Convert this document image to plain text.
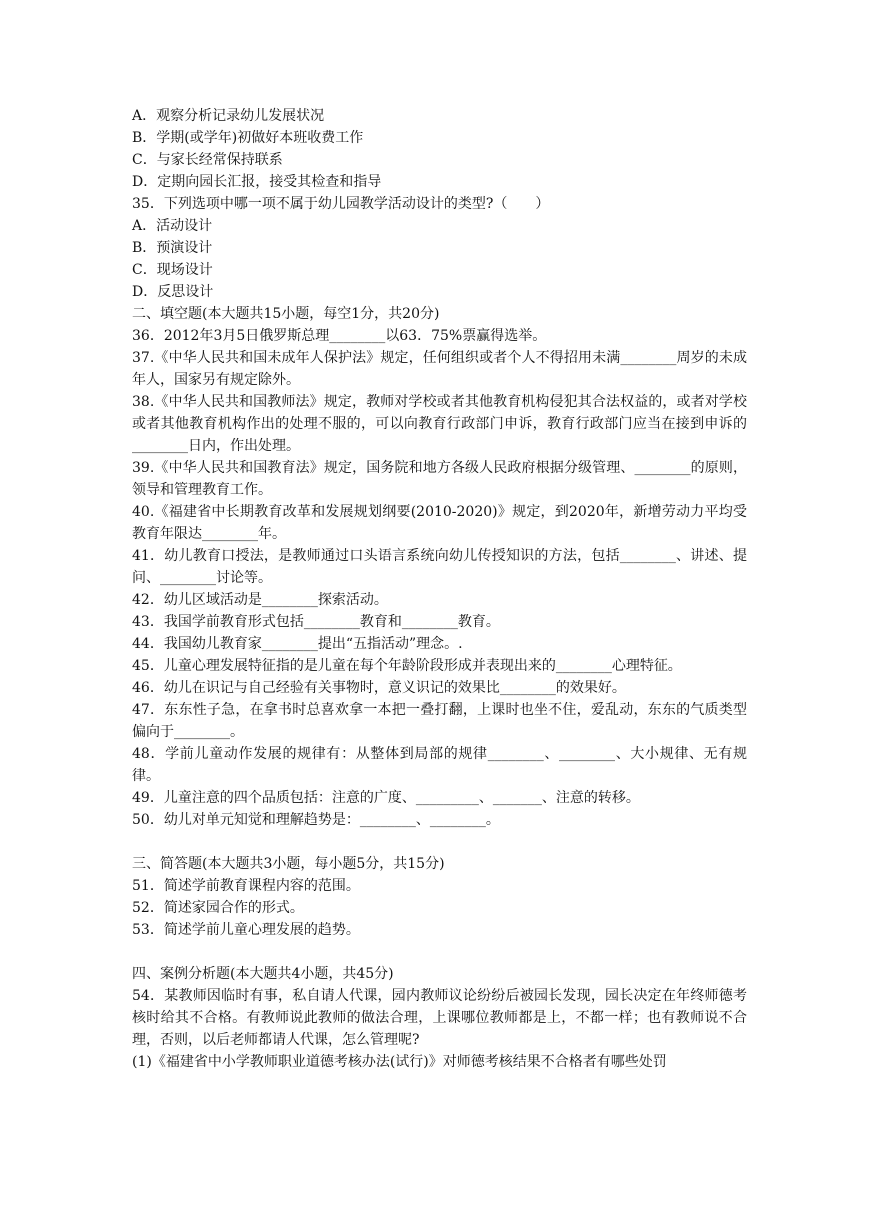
A．观察分析记录幼儿发展状况

B．学期(或学年)初做好本班收费工作

C．与家长经常保持联系

D．定期向园长汇报，接受其检查和指导

35．下列选项中哪一项不属于幼儿园教学活动设计的类型?（　　）

A．活动设计

B．预演设计

C．现场设计

D．反思设计

二、填空题(本大题共15小题，每空1分，共20分)

36．2012年3月5日俄罗斯总理________以63．75%票赢得选举。

37.《中华人民共和国未成年人保护法》规定，任何组织或者个人不得招用未满________周岁的未成年人，国家另有规定除外。

38.《中华人民共和国教师法》规定，教师对学校或者其他教育机构侵犯其合法权益的，或者对学校或者其他教育机构作出的处理不服的，可以向教育行政部门申诉，教育行政部门应当在接到申诉的________日内，作出处理。

39.《中华人民共和国教育法》规定，国务院和地方各级人民政府根据分级管理、________的原则，领导和管理教育工作。

40.《福建省中长期教育改革和发展规划纲要(2010-2020)》规定，到2020年，新增劳动力平均受教育年限达________年。

41．幼儿教育口授法，是教师通过口头语言系统向幼儿传授知识的方法，包括________、讲述、提问、________讨论等。

42．幼儿区域活动是________探索活动。

43．我国学前教育形式包括________教育和________教育。

44．我国幼儿教育家________提出“五指活动”理念。.

45．儿童心理发展特征指的是儿童在每个年龄阶段形成并表现出来的________心理特征。

46．幼儿在识记与自己经验有关事物时，意义识记的效果比________的效果好。

47．东东性子急，在拿书时总喜欢拿一本把一叠打翻，上课时也坐不住，爱乱动，东东的气质类型偏向于________。

48．学前儿童动作发展的规律有：从整体到局部的规律________、________、大小规律、无有规律。

49．儿童注意的四个品质包括：注意的广度、_________、_______、注意的转移。

50．幼儿对单元知觉和理解趋势是：________、________。

三、简答题(本大题共3小题，每小题5分，共15分)

51．简述学前教育课程内容的范围。

52．简述家园合作的形式。

53．简述学前儿童心理发展的趋势。

四、案例分析题(本大题共4小题，共45分)

54．某教师因临时有事，私自请人代课，园内教师议论纷纷后被园长发现，园长决定在年终师德考核时给其不合格。有教师说此教师的做法合理，上课哪位教师都是上，不都一样；也有教师说不合理，否则，以后老师都请人代课，怎么管理呢?

(1)《福建省中小学教师职业道德考核办法(试行)》对师德考核结果不合格者有哪些处罚
